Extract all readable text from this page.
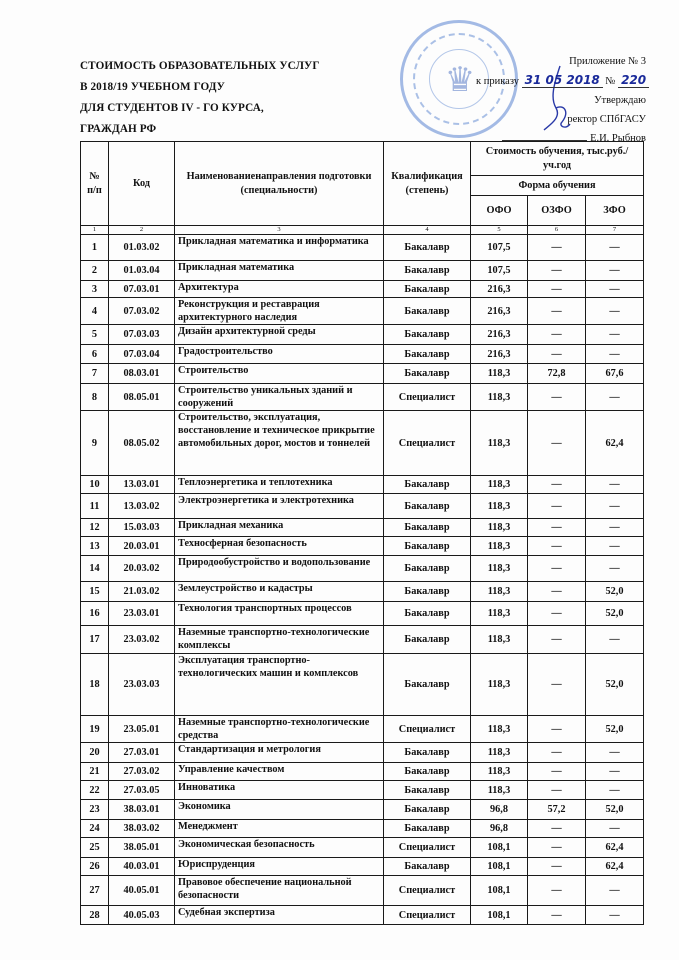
СТОИМОСТЬ ОБРАЗОВАТЕЛЬНЫХ УСЛУГ
В 2018/19 УЧЕБНОМ ГОДУ
ДЛЯ СТУДЕНТОВ IV - ГО КУРСА,
ГРАЖДАН РФ
♛
Приложение № 3
к приказу 31 05 2018 № 220
Утверждаю
ректор СПбГАСУ
Е.И. Рыбнов
№ п/п	Код	Наименованиенаправления подготовки (специальности)	Квалификация (степень)	Стоимость обучения, тыс.руб./уч.год		
				Форма обучения		
				ОФО	ОЗФО	ЗФО
1	2	3	4	5	6	7
1	01.03.02	Прикладная математика и информатика	Бакалавр	107,5	—	—
2	01.03.04	Прикладная математика	Бакалавр	107,5	—	—
3	07.03.01	Архитектура	Бакалавр	216,3	—	—
4	07.03.02	Реконструкция и реставрация архитектурного наследия	Бакалавр	216,3	—	—
5	07.03.03	Дизайн архитектурной среды	Бакалавр	216,3	—	—
6	07.03.04	Градостроительство	Бакалавр	216,3	—	—
7	08.03.01	Строительство	Бакалавр	118,3	72,8	67,6
8	08.05.01	Строительство уникальных зданий и сооружений	Специалист	118,3	—	—
9	08.05.02	Строительство, эксплуатация, восстановление и техническое прикрытие автомобильных дорог, мостов и тоннелей	Специалист	118,3	—	62,4
10	13.03.01	Теплоэнергетика и теплотехника	Бакалавр	118,3	—	—
11	13.03.02	Электроэнергетика и электротехника	Бакалавр	118,3	—	—
12	15.03.03	Прикладная механика	Бакалавр	118,3	—	—
13	20.03.01	Техносферная безопасность	Бакалавр	118,3	—	—
14	20.03.02	Природообустройство и водопользование	Бакалавр	118,3	—	—
15	21.03.02	Землеустройство и кадастры	Бакалавр	118,3	—	52,0
16	23.03.01	Технология транспортных процессов	Бакалавр	118,3	—	52,0
17	23.03.02	Наземные транспортно-технологические комплексы	Бакалавр	118,3	—	—
18	23.03.03	Эксплуатация транспортно-технологических машин и комплексов	Бакалавр	118,3	—	52,0
19	23.05.01	Наземные транспортно-технологические средства	Специалист	118,3	—	52,0
20	27.03.01	Стандартизация и метрология	Бакалавр	118,3	—	—
21	27.03.02	Управление качеством	Бакалавр	118,3	—	—
22	27.03.05	Инноватика	Бакалавр	118,3	—	—
23	38.03.01	Экономика	Бакалавр	96,8	57,2	52,0
24	38.03.02	Менеджмент	Бакалавр	96,8	—	—
25	38.05.01	Экономическая безопасность	Специалист	108,1	—	62,4
26	40.03.01	Юриспруденция	Бакалавр	108,1	—	62,4
27	40.05.01	Правовое обеспечение национальной безопасности	Специалист	108,1	—	—
28	40.05.03	Судебная экспертиза	Специалист	108,1	—	—
